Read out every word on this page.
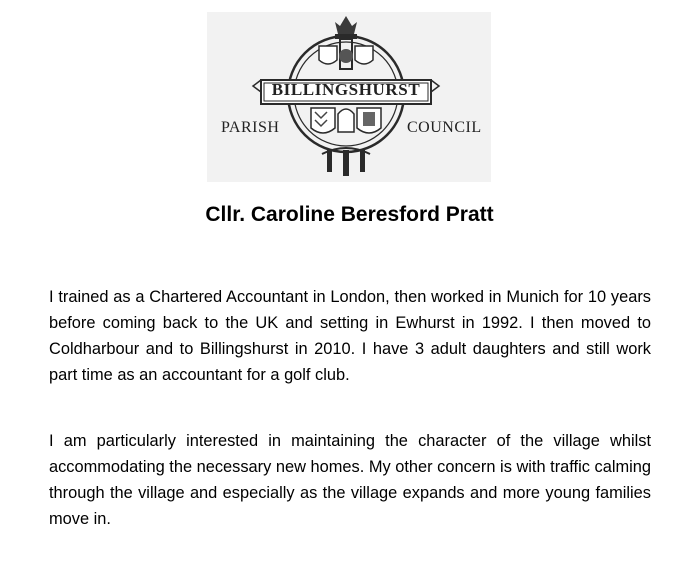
BILLINGSHURST
PARISH	COUNCIL
Cllr. Caroline Beresford Pratt

I trained as a Chartered Accountant in London, then worked in Munich for 10 years before coming back to the UK and setting in Ewhurst in 1992. I then moved to Coldharbour and to Billingshurst in 2010. I have 3 adult daughters and still work part time as an accountant for a golf club.

I am particularly interested in maintaining the character of the village whilst accommodating the necessary new homes. My other concern is with traffic calming through the village and especially as the village expands and more young families move in.
